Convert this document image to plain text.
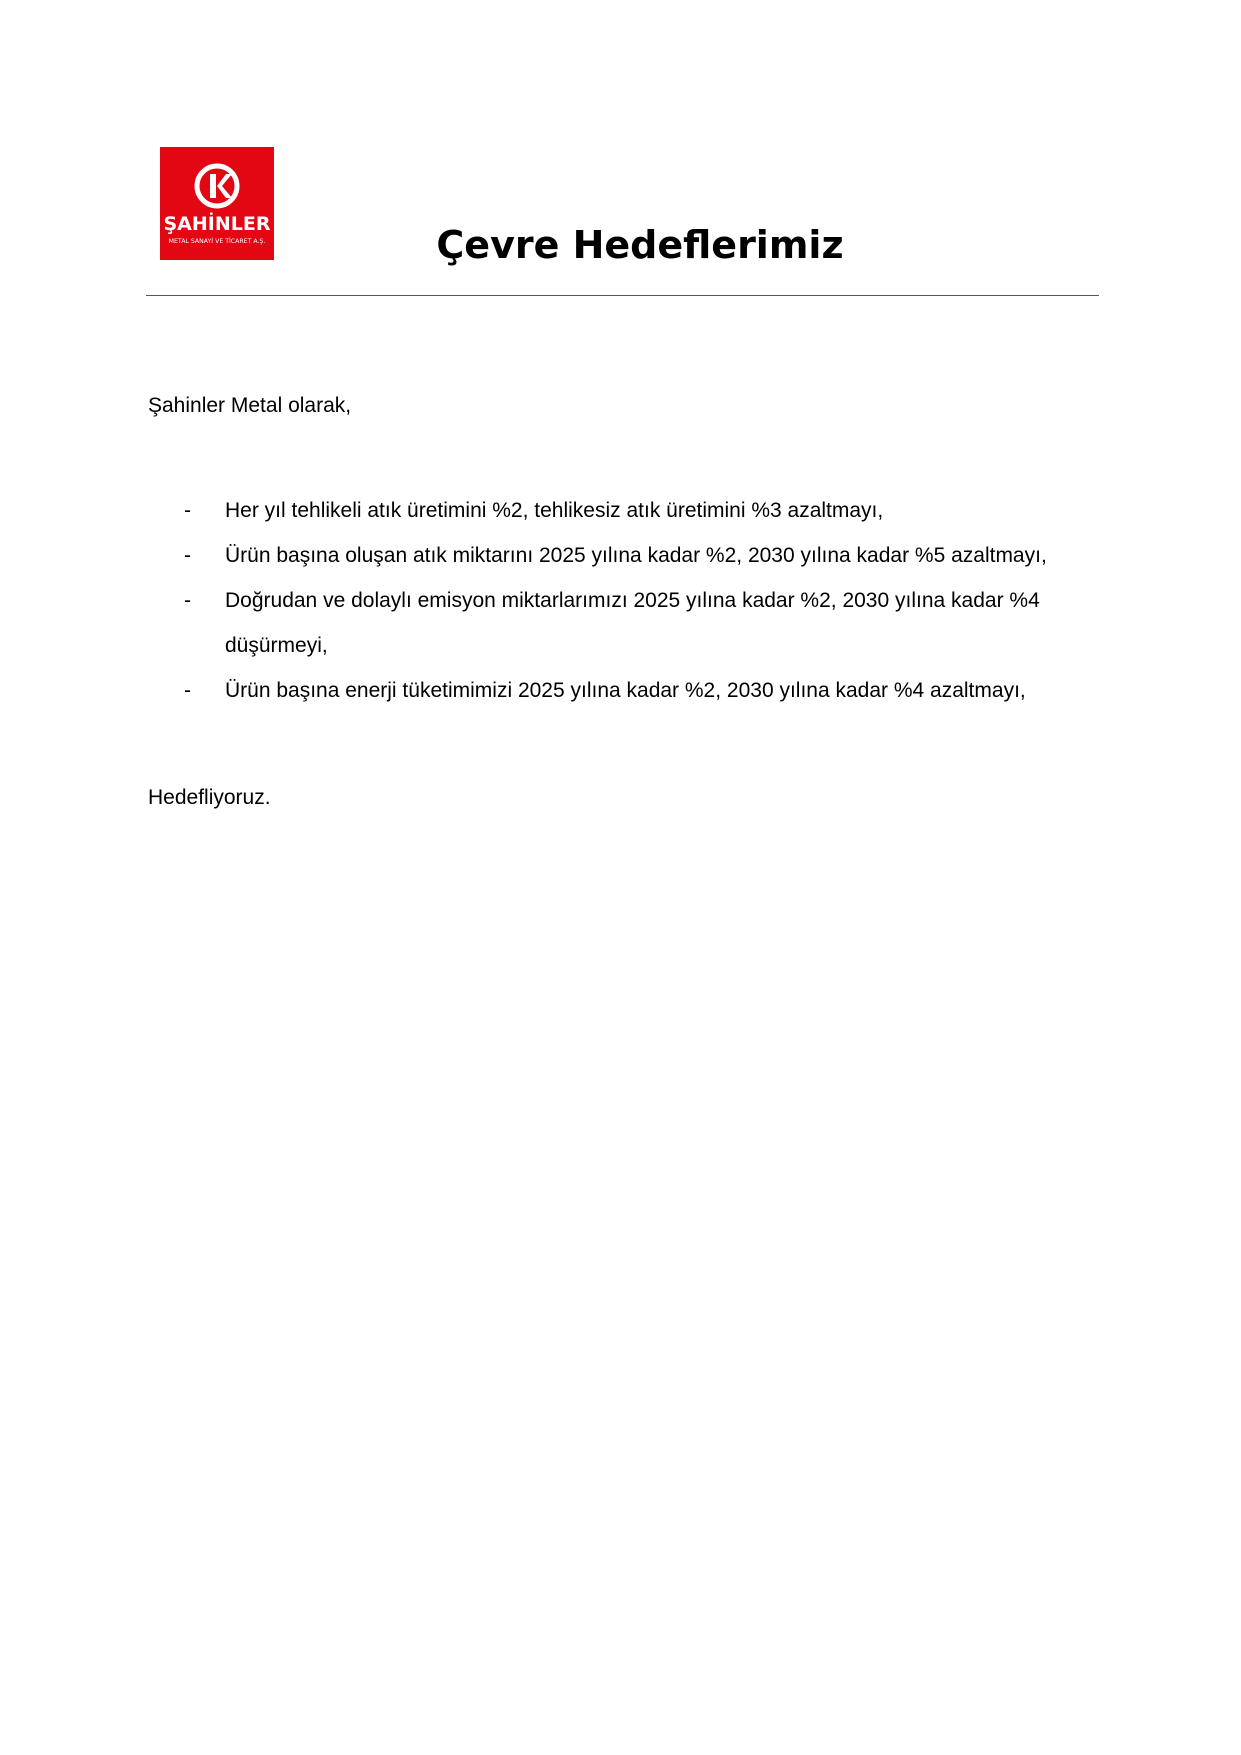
ŞAHİNLER
METAL SANAYİ VE TİCARET A.Ş.	Çevre Hedeflerimiz

Şahinler Metal olarak,

- Her yıl tehlikeli atık üretimini %2, tehlikesiz atık üretimini %3 azaltmayı,
- Ürün başına oluşan atık miktarını 2025 yılına kadar %2, 2030 yılına kadar %5 azaltmayı,
- Doğrudan ve dolaylı emisyon miktarlarımızı 2025 yılına kadar %2, 2030 yılına kadar %4 düşürmeyi,
- Ürün başına enerji tüketimimizi 2025 yılına kadar %2, 2030 yılına kadar %4 azaltmayı,

Hedefliyoruz.
